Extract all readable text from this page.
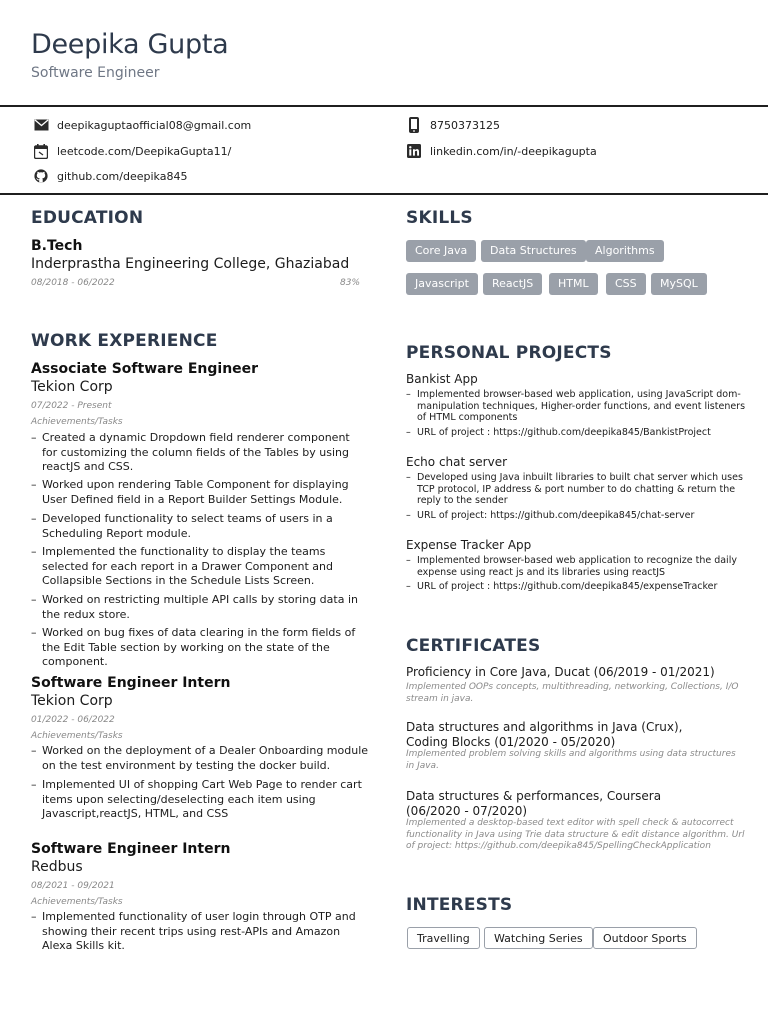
Deepika Gupta
Software Engineer
deepikaguptaofficial08@gmail.com	8750373125
leetcode.com/DeepikaGupta11/	linkedin.com/in/-deepikagupta
github.com/deepika845
EDUCATION
B.Tech
Inderprastha Engineering College, Ghaziabad
08/2018 - 06/2022	83%
WORK EXPERIENCE
Associate Software Engineer
Tekion Corp
07/2022 - Present
Achievements/Tasks
– Created a dynamic Dropdown field renderer component for customizing the column fields of the Tables by using reactJS and CSS.
– Worked upon rendering Table Component for displaying User Defined field in a Report Builder Settings Module.
– Developed functionality to select teams of users in a Scheduling Report module.
– Implemented the functionality to display the teams selected for each report in a Drawer Component and Collapsible Sections in the Schedule Lists Screen.
– Worked on restricting multiple API calls by storing data in the redux store.
– Worked on bug fixes of data clearing in the form fields of the Edit Table section by working on the state of the component.
Software Engineer Intern
Tekion Corp
01/2022 - 06/2022
Achievements/Tasks
– Worked on the deployment of a Dealer Onboarding module on the test environment by testing the docker build.
– Implemented UI of shopping Cart Web Page to render cart items upon selecting/deselecting each item using Javascript,reactJS, HTML, and CSS
Software Engineer Intern
Redbus
08/2021 - 09/2021
Achievements/Tasks
– Implemented functionality of user login through OTP and showing their recent trips using rest-APIs and Amazon Alexa Skills kit.
SKILLS
Core Java	Data Structures	Algorithms
Javascript	ReactJS	HTML	CSS	MySQL
PERSONAL PROJECTS
Bankist App
– Implemented browser-based web application, using JavaScript dom-manipulation techniques, Higher-order functions, and event listeners of HTML components
– URL of project : https://github.com/deepika845/BankistProject
Echo chat server
– Developed using Java inbuilt libraries to built chat server which uses TCP protocol, IP address & port number to do chatting & return the reply to the sender
– URL of project: https://github.com/deepika845/chat-server
Expense Tracker App
– Implemented browser-based web application to recognize the daily expense using react js and its libraries using reactJS
– URL of project : https://github.com/deepika845/expenseTracker
CERTIFICATES
Proficiency in Core Java, Ducat (06/2019 - 01/2021)
Implemented OOPs concepts, multithreading, networking, Collections, I/O stream in java.
Data structures and algorithms in Java (Crux), Coding Blocks (01/2020 - 05/2020)
Implemented problem solving skills and algorithms using data structures in Java.
Data structures & performances, Coursera (06/2020 - 07/2020)
Implemented a desktop-based text editor with spell check & autocorrect functionality in Java using Trie data structure & edit distance algorithm. Url of project: https://github.com/deepika845/SpellingCheckApplication
INTERESTS
Travelling	Watching Series	Outdoor Sports
